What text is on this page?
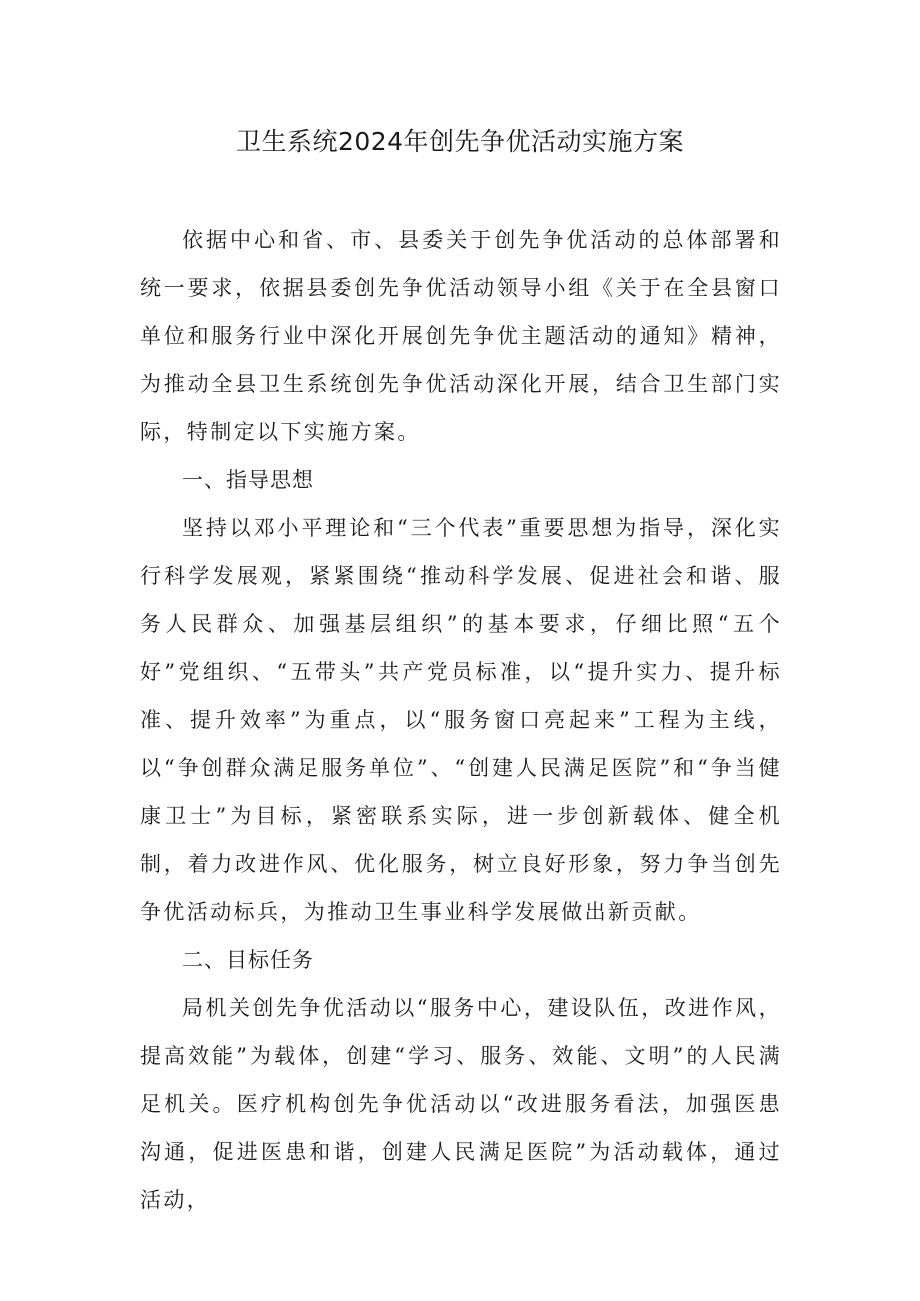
卫生系统2024年创先争优活动实施方案

依据中心和省、市、县委关于创先争优活动的总体部署和统一要求，依据县委创先争优活动领导小组《关于在全县窗口单位和服务行业中深化开展创先争优主题活动的通知》精神，为推动全县卫生系统创先争优活动深化开展，结合卫生部门实际，特制定以下实施方案。

一、指导思想

坚持以邓小平理论和“三个代表”重要思想为指导，深化实行科学发展观，紧紧围绕“推动科学发展、促进社会和谐、服务人民群众、加强基层组织”的基本要求，仔细比照“五个好”党组织、“五带头”共产党员标准，以“提升实力、提升标准、提升效率”为重点，以“服务窗口亮起来”工程为主线，以“争创群众满足服务单位”、“创建人民满足医院”和“争当健康卫士”为目标，紧密联系实际，进一步创新载体、健全机制，着力改进作风、优化服务，树立良好形象，努力争当创先争优活动标兵，为推动卫生事业科学发展做出新贡献。

二、目标任务

局机关创先争优活动以“服务中心，建设队伍，改进作风，提高效能”为载体，创建“学习、服务、效能、文明”的人民满足机关。医疗机构创先争优活动以“改进服务看法，加强医患沟通，促进医患和谐，创建人民满足医院”为活动载体，通过活动，
